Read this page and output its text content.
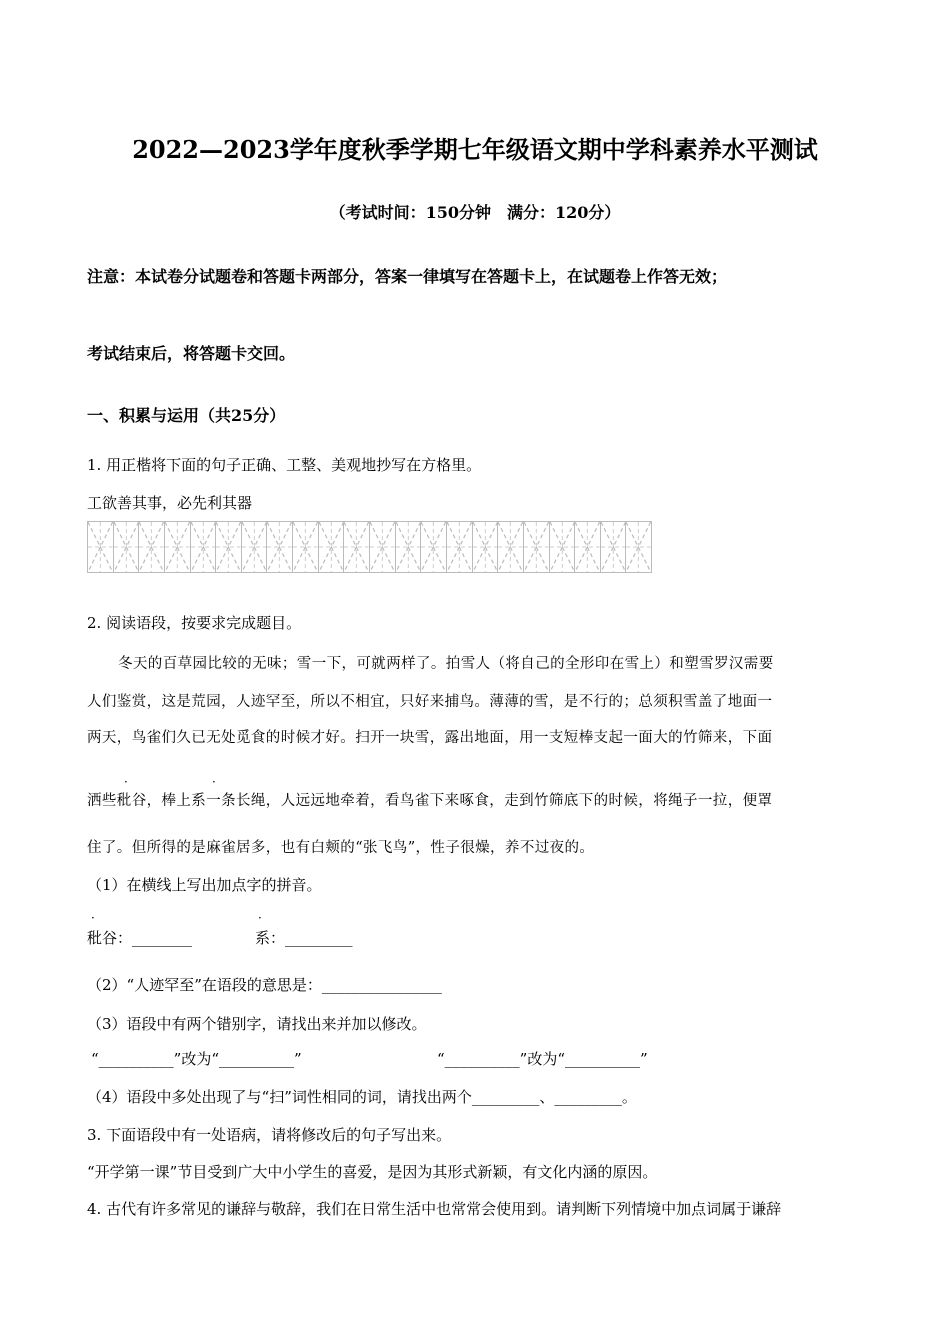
2022—2023学年度秋季学期七年级语文期中学科素养水平测试
（考试时间：150分钟　满分：120分）
注意：本试卷分试题卷和答题卡两部分，答案一律填写在答题卡上，在试题卷上作答无效；
考试结束后，将答题卡交回。
一、积累与运用（共25分）
1. 用正楷将下面的句子正确、工整、美观地抄写在方格里。
工欲善其事，必先利其器
2. 阅读语段，按要求完成题目。
冬天的百草园比较的无味；雪一下，可就两样了。拍雪人（将自己的全形印在雪上）和塑雪罗汉需要
人们鉴赏，这是荒园，人迹罕至，所以不相宜，只好来捕鸟。薄薄的雪，是不行的；总须积雪盖了地面一
两天，鸟雀们久已无处觅食的时候才好。扫开一块雪，露出地面，用一支短棒支起一面大的竹筛来，下面
·	·
洒些秕谷，棒上系一条长绳，人远远地牵着，看鸟雀下来啄食，走到竹筛底下的时候，将绳子一拉，便罩
住了。但所得的是麻雀居多，也有白颊的“张飞鸟”，性子很燥，养不过夜的。
（1）在横线上写出加点字的拼音。
·	·
秕谷：________	系：_________
（2）“人迹罕至”在语段的意思是：________________
（3）语段中有两个错别字，请找出来并加以修改。
“__________”改为“__________”	“__________”改为“__________”
（4）语段中多处出现了与“扫”词性相同的词，请找出两个_________、_________。
3. 下面语段中有一处语病，请将修改后的句子写出来。
“开学第一课”节目受到广大中小学生的喜爱，是因为其形式新颖，有文化内涵的原因。
4. 古代有许多常见的谦辞与敬辞，我们在日常生活中也常常会使用到。请判断下列情境中加点词属于谦辞
